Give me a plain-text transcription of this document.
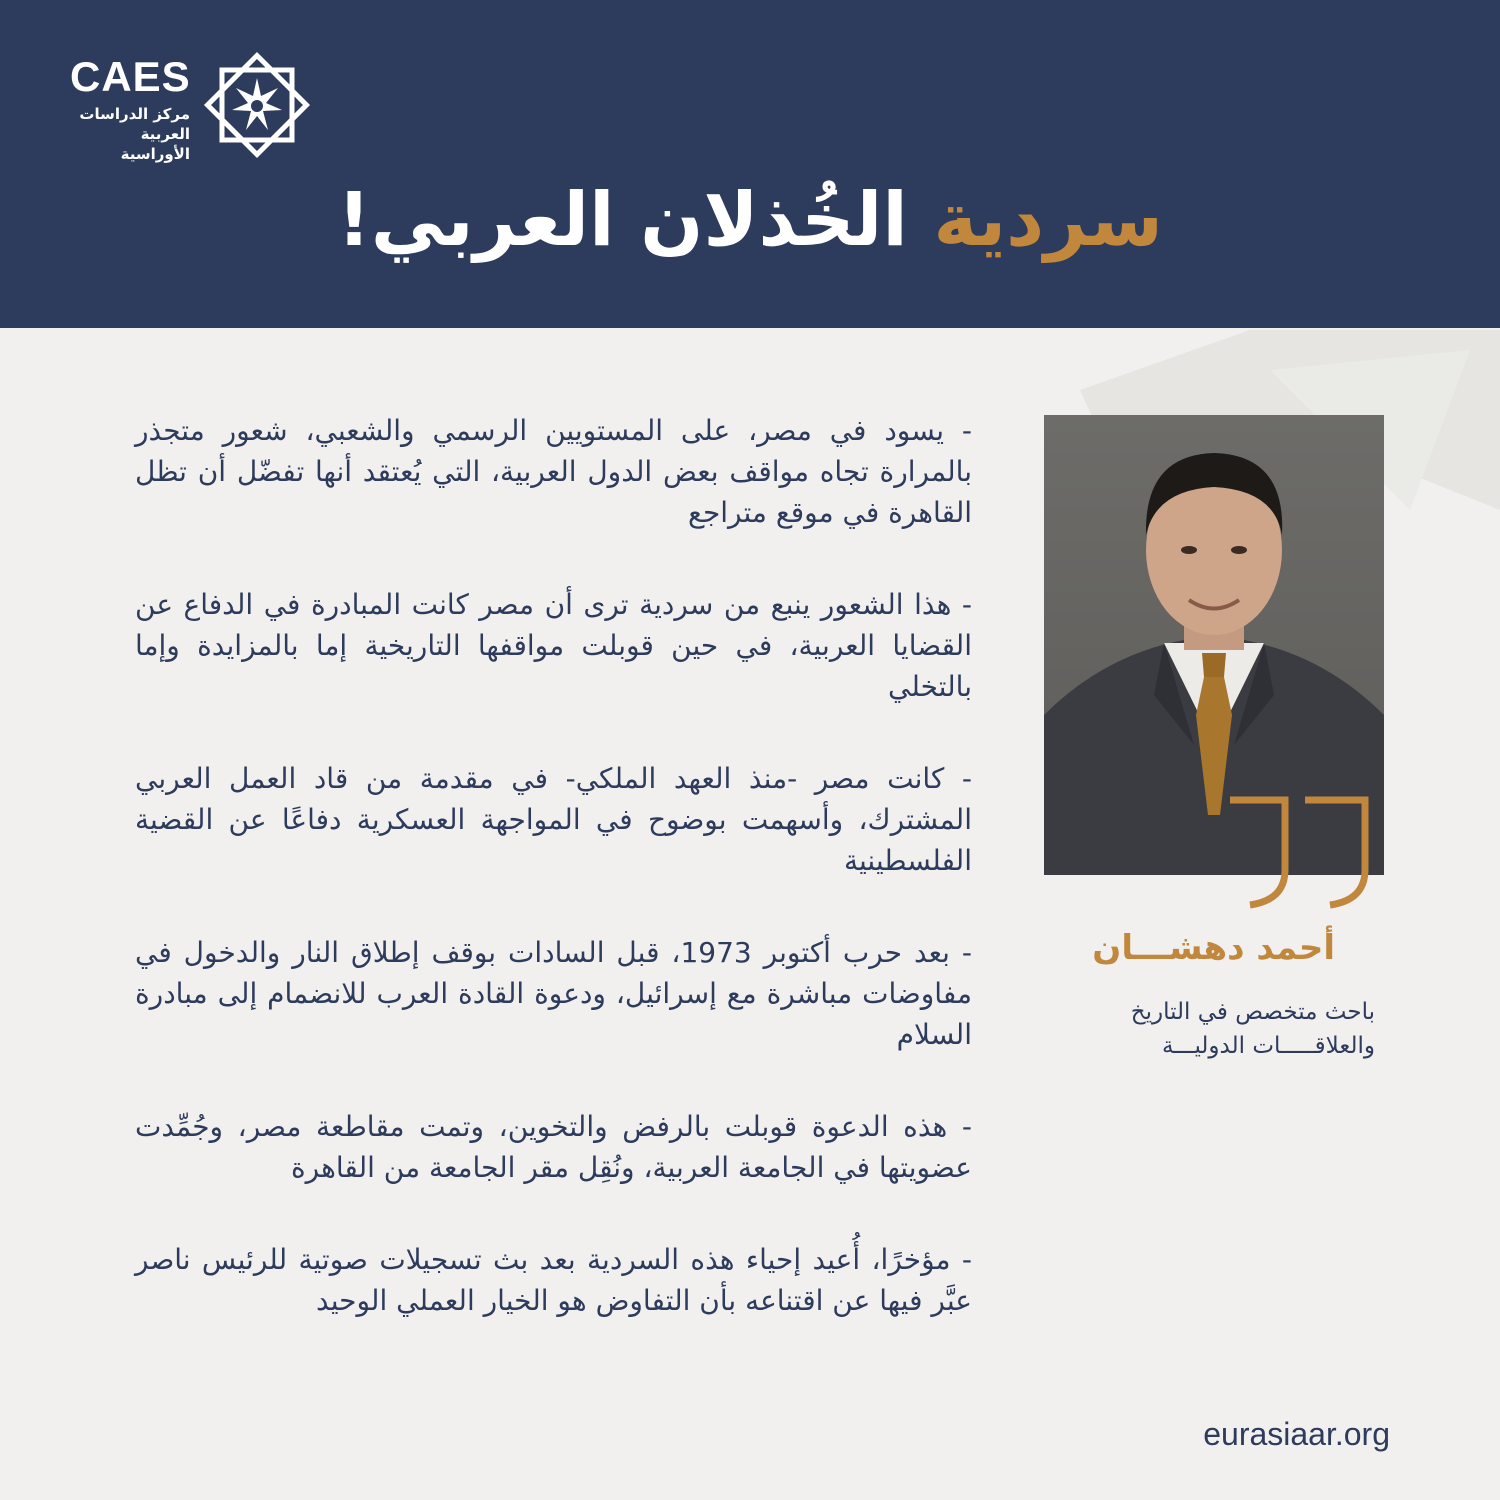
CAES
مركز الدراسات
العربية الأوراسية
سردية الخُذلان العربي!

- يسود في مصر، على المستويين الرسمي والشعبي، شعور متجذر بالمرارة تجاه مواقف بعض الدول العربية، التي يُعتقد أنها تفضّل أن تظل القاهرة في موقع متراجع

- هذا الشعور ينبع من سردية ترى أن مصر كانت المبادرة في الدفاع عن القضايا العربية، في حين قوبلت مواقفها التاريخية إما بالمزايدة وإما بالتخلي

- كانت مصر -منذ العهد الملكي- في مقدمة من قاد العمل العربي المشترك، وأسهمت بوضوح في المواجهة العسكرية دفاعًا عن القضية الفلسطينية

- بعد حرب أكتوبر 1973، قبل السادات بوقف إطلاق النار والدخول في مفاوضات مباشرة مع إسرائيل، ودعوة القادة العرب للانضمام إلى مبادرة السلام

- هذه الدعوة قوبلت بالرفض والتخوين، وتمت مقاطعة مصر، وجُمِّدت عضويتها في الجامعة العربية، ونُقِل مقر الجامعة من القاهرة

- مؤخرًا، أُعيد إحياء هذه السردية بعد بث تسجيلات صوتية للرئيس ناصر عبَّر فيها عن اقتناعه بأن التفاوض هو الخيار العملي الوحيد

أحمد دهشـــان
باحث متخصص في التاريخ
والعلاقـــــات الدوليـــة
eurasiaar.org
